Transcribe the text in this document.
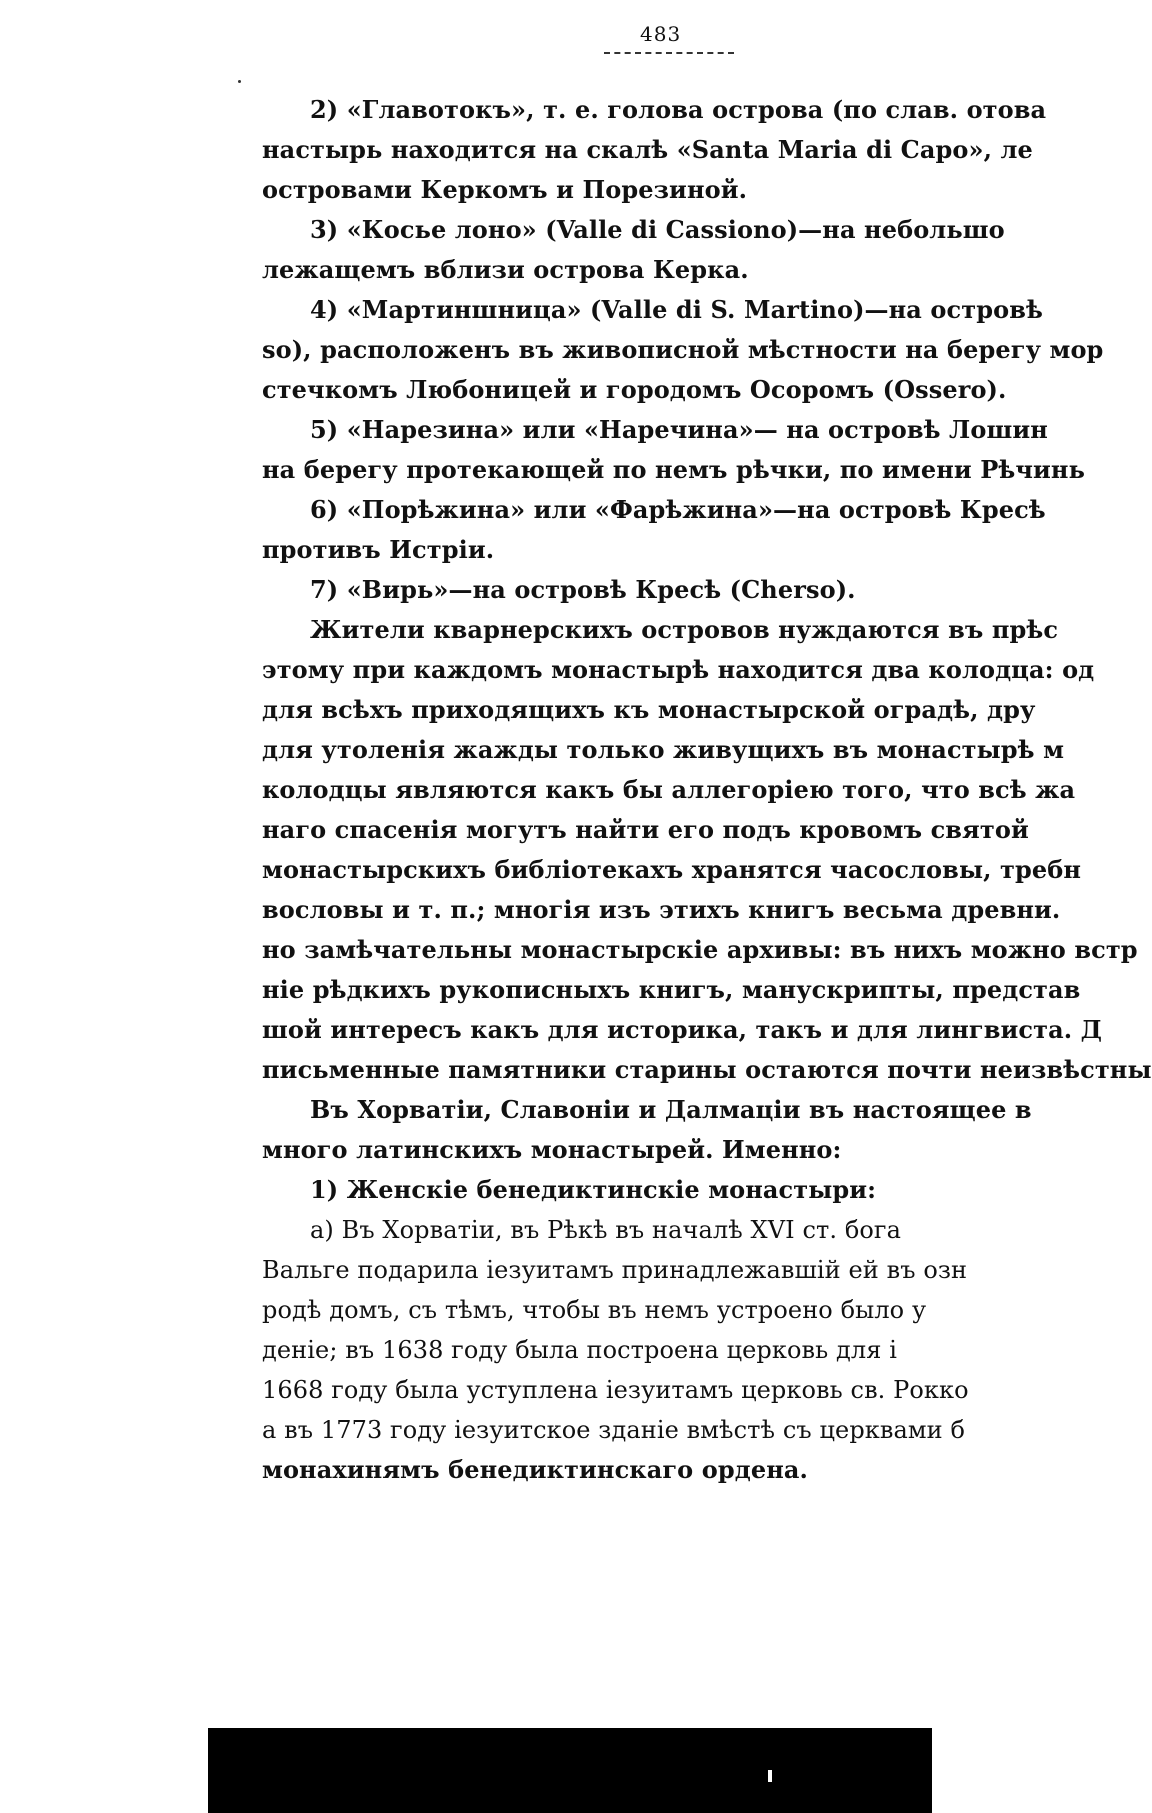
483
2) «Главотокъ», т. е. голова острова (по слав. отова
настырь находится на скалѣ «Santa Maria di Capo», ле
островами Керкомъ и Порезиной.
3) «Косье лоно» (Valle di Cassiono)—на небольшо
лежащемъ вблизи острова Керка.
4) «Мартиншница» (Valle di S. Martino)—на островѣ
so), расположенъ въ живописной мѣстности на берегу мор
стечкомъ Любоницей и городомъ Осоромъ (Ossero).
5) «Нарезина» или «Наречина»— на островѣ Лошин
на берегу протекающей по немъ рѣчки, по имени Рѣчинь
6) «Порѣжина» или «Фарѣжина»—на островѣ Кресѣ
противъ Истріи.
7) «Вирь»—на островѣ Кресѣ (Cherso).
Жители кварнерскихъ островов нуждаются въ прѣс
этому при каждомъ монастырѣ находится два колодца: од
для всѣхъ приходящихъ къ монастырской оградѣ, дру
для утоленія жажды только живущихъ въ монастырѣ м
колодцы являются какъ бы аллегоріею того, что всѣ жа
наго спасенія могутъ найти его подъ кровомъ святой
монастырскихъ библіотекахъ хранятся часословы, требн
вословы и т. п.; многія изъ этихъ книгъ весьма древни.
но замѣчательны монастырскіе архивы: въ нихъ можно встр
ніе рѣдкихъ рукописныхъ книгъ, манускрипты, представ
шой интересъ какъ для историка, такъ и для лингвиста. Д
письменные памятники старины остаются почти неизвѣстны
Въ Хорватіи, Славоніи и Далмаціи въ настоящее в
много латинскихъ монастырей. Именно:
1) Женскіе бенедиктинскіе монастыри:
а) Въ Хорватіи, въ Рѣкѣ въ началѣ XVI ст. бога
Вальге подарила іезуитамъ принадлежавшій ей въ озн
родѣ домъ, съ тѣмъ, чтобы въ немъ устроено было у
деніе; въ 1638 году была построена церковь для і
1668 году была уступлена іезуитамъ церковь св. Рокко
а въ 1773 году іезуитское зданіе вмѣстѣ съ церквами б
монахинямъ бенедиктинскаго ордена.
